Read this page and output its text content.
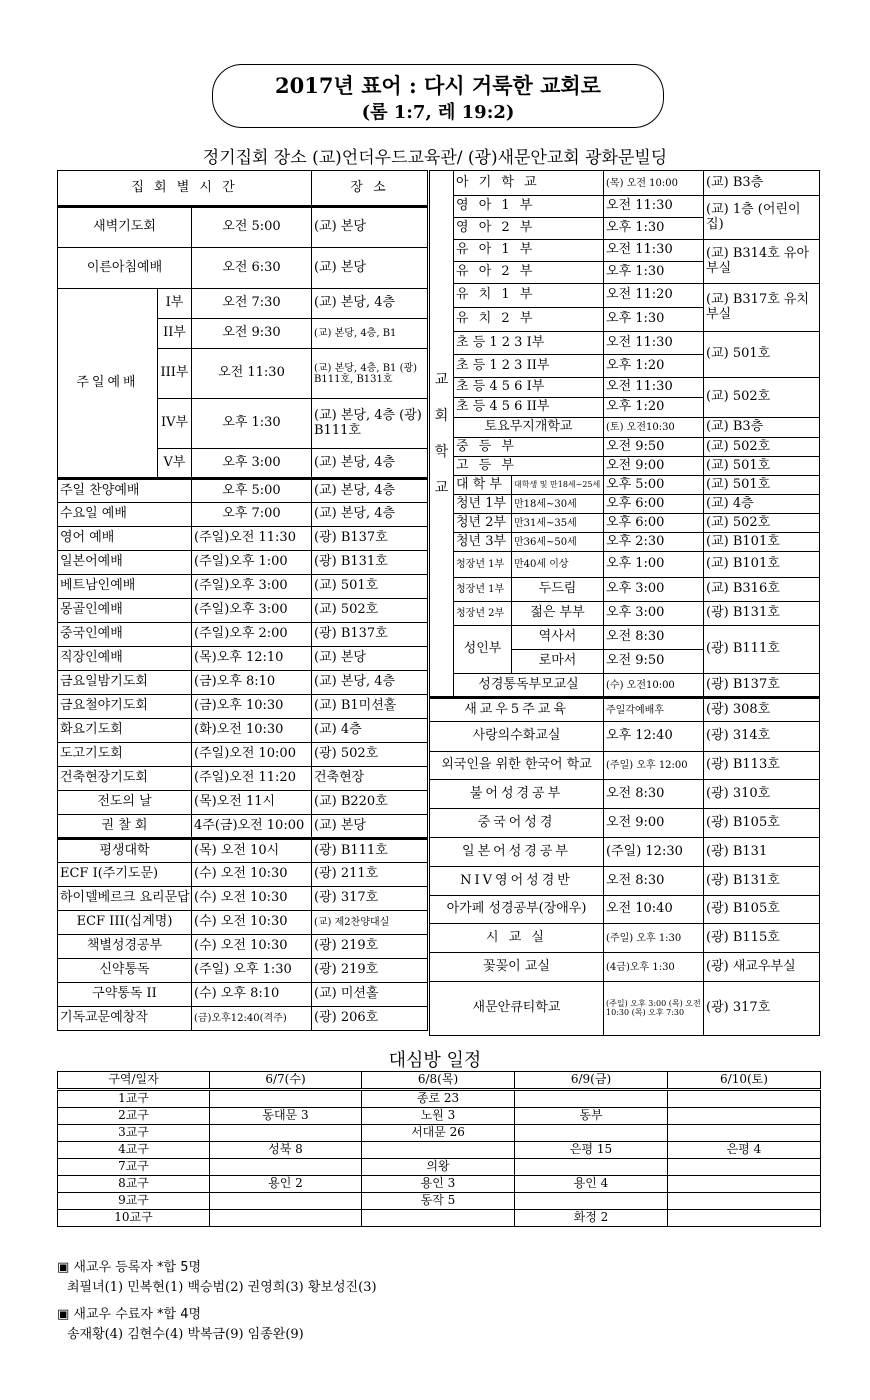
2017년 표어 : 다시 거룩한 교회로
(롬 1:7, 레 19:2)
정기집회 장소 (교)언더우드교육관/ (광)새문안교회 광화문빌딩
집 회 별 시 간			장 소
새벽기도회		오전 5:00	(교) 본당
이른아침예배		오전 6:30	(교) 본당
주일예배	I부	오전 7:30	(교) 본당, 4층
	II부	오전 9:30	(교) 본당, 4층, B1
	III부	오전 11:30	(교) 본당, 4층, B1 (광) B111호, B131호
	IV부	오후 1:30	(교) 본당, 4층 (광) B111호
	V부	오후 3:00	(교) 본당, 4층
주일 찬양예배		오후 5:00	(교) 본당, 4층
수요일 예배		오후 7:00	(교) 본당, 4층
영어 예배		(주일)오전 11:30	(광) B137호
일본어예배		(주일)오후 1:00	(광) B131호
베트남인예배		(주일)오후 3:00	(교) 501호
몽골인예배		(주일)오후 3:00	(교) 502호
중국인예배		(주일)오후 2:00	(광) B137호
직장인예배		(목)오후 12:10	(교) 본당
금요일밤기도회		(금)오후 8:10	(교) 본당, 4층
금요철야기도회		(금)오후 10:30	(교) B1미션홀
화요기도회		(화)오전 10:30	(교) 4층
도고기도회		(주일)오전 10:00	(광) 502호
건축현장기도회		(주일)오전 11:20	건축현장
전도의 날		(목)오전 11시	(교) B220호
권 찰 회		4주(금)오전 10:00	(교) 본당
평생대학		(목) 오전 10시	(광) B111호
ECF I(주기도문)		(수) 오전 10:30	(광) 211호
하이델베르크 요리문답		(수) 오전 10:30	(광) 317호
ECF III(십계명)		(수) 오전 10:30	(교) 제2찬양대실
책별성경공부		(수) 오전 10:30	(광) 219호
신약통독		(주일) 오후 1:30	(광) 219호
구약통독 II		(수) 오후 8:10	(교) 미션홀
기독교문예창작		(금)오후12:40(격주)	(광) 206호
교
회
학
교	아 기 학 교		(목) 오전 10:00	(교) B3층
	영 아 1 부		오전 11:30	(교) 1층 (어린이집)
	영 아 2 부		오후 1:30	
	유 아 1 부		오전 11:30	(교) B314호 유아부실
	유 아 2 부		오후 1:30	
	유 치 1 부		오전 11:20	(교) B317호 유치부실
	유 치 2 부		오후 1:30	
	초 등 1 2 3 I부		오전 11:30	(교) 501호
	초 등 1 2 3 II부		오후 1:20	
	초 등 4 5 6 I부		오전 11:30	(교) 502호
	초 등 4 5 6 II부		오후 1:20	
	토요무지개학교		(토) 오전10:30	(교) B3층
	중 등 부		오전 9:50	(교) 502호
	고 등 부		오전 9:00	(교) 501호
	대 학 부	대학생 및 만18세~25세	오후 5:00	(교) 501호
	청년 1부	만18세~30세	오후 6:00	(교) 4층
	청년 2부	만31세~35세	오후 6:00	(교) 502호
	청년 3부	만36세~50세	오후 2:30	(교) B101호
	청장년 1부	만40세 이상	오후 1:00	(교) B101호
	청장년 1부	두드림	오후 3:00	(교) B316호
	청장년 2부	젊은 부부	오후 3:00	(광) B131호
	성인부	역사서	오전 8:30	(광) B111호
		로마서	오전 9:50	
	성경통독부모교실		(수) 오전10:00	(광) B137호
새교우5주교육			주일각예배후	(광) 308호
사랑의수화교실			오후 12:40	(광) 314호
외국인을 위한 한국어 학교			(주일) 오후 12:00	(광) B113호
불어성경공부			오전 8:30	(광) 310호
중국어성경			오전 9:00	(광) B105호
일본어성경공부			(주일) 12:30	(광) B131
NIV영어성경반			오전 8:30	(광) B131호
아가페 성경공부(장애우)			오전 10:40	(광) B105호
시 교 실			(주일) 오후 1:30	(광) B115호
꽃꽂이 교실			(4금)오후 1:30	(광) 새교우부실
새문안큐티학교			(주일) 오후 3:00 (목) 오전 10:30 (목) 오후 7:30	(광) 317호
대심방 일정
구역/일자	6/7(수)	6/8(목)	6/9(금)	6/10(토)
1교구		종로 23		
2교구	동대문 3	노원 3	동부	
3교구		서대문 26		
4교구	성북 8		은평 15	은평 4
7교구		의왕		
8교구	용인 2	용인 3	용인 4	
9교구		동작 5		
10교구			화정 2	
▣ 새교우 등록자 *합 5명
최필녀(1) 민복현(1) 백승범(2) 권영희(3) 황보성진(3)
▣ 새교우 수료자 *합 4명
송재황(4) 김현수(4) 박복금(9) 임종완(9)
